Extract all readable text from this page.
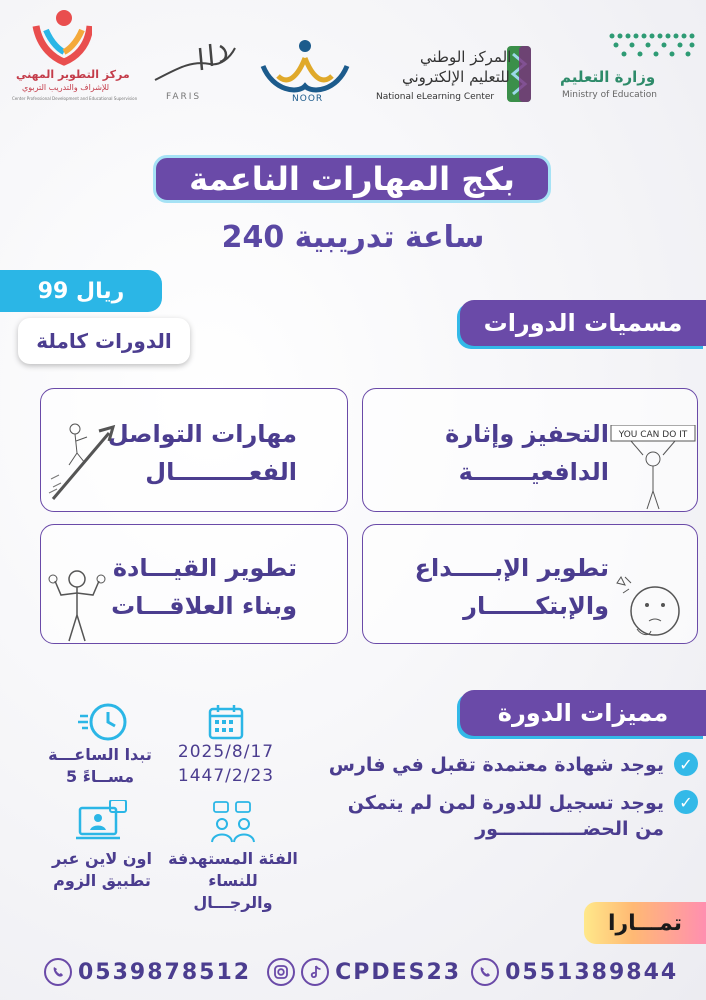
وزارة التعليم
Ministry of Education
المركز الوطني
للتعليم الإلكتروني
National eLearning Center
NOOR
FARIS
مركز التطوير المهني
للإشراف والتدريب التربوي
Center Professional Development and Educational Supervision
بكج المهارات الناعمة
240 ساعة تدريبية
99 ريال
الدورات كاملة
مسميات الدورات
التحفيز وإثارة
الدافعيـــــــة
YOU CAN DO IT
مهارات التواصل
الفعـــــــــال
تطوير الإبـــــداع
والإبتكــــــار
تطوير القيـــادة
وبناء العلاقـــات
مميزات الدورة
يوجد شهادة معتمدة تقبل في فارس ✓
يوجد تسجيل للدورة لمن لم يتمكن
من الحضـــــــــــــور
✓
تبدا الساعـــة
5 مســاءً
2025/8/17
1447/2/23
اون لاين عبر
تطبيق الزوم
الفئة المستهدفة
للنساء والرجـــال
تمـــارا
0539878512	CPDES23 0551389844
